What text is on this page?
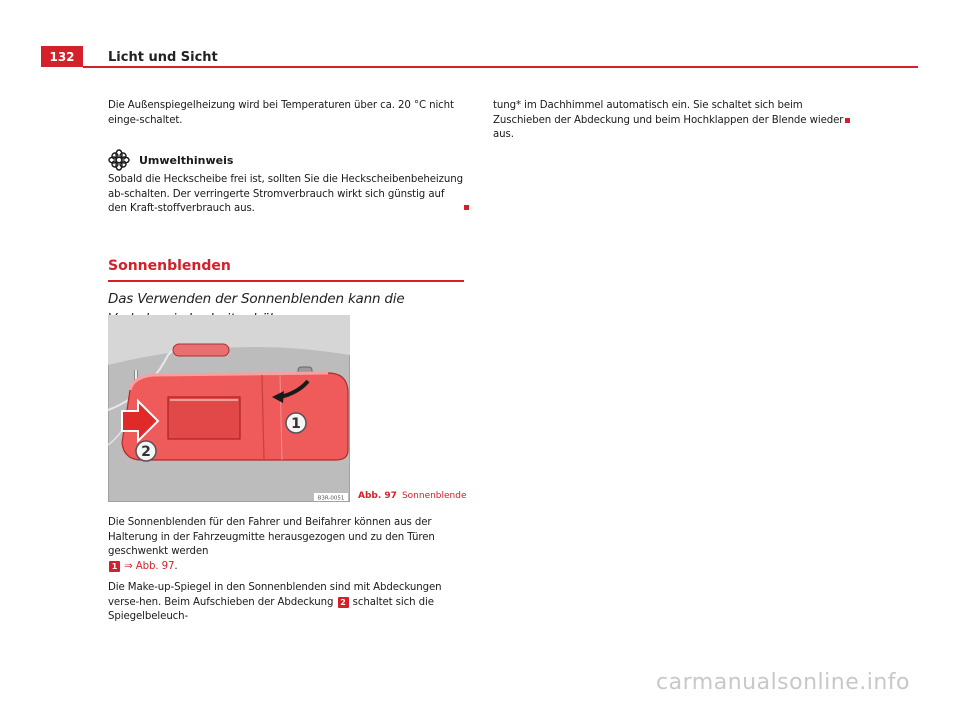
132	Licht und Sicht

Die Außenspiegelheizung wird bei Temperaturen über ca. 20 °C nicht einge-schaltet.

Umwelthinweis

Sobald die Heckscheibe frei ist, sollten Sie die Heckscheibenbeheizung ab-schalten. Der verringerte Stromverbrauch wirkt sich günstig auf den Kraft-stoffverbrauch aus.

Sonnenblenden
Das Verwenden der Sonnenblenden kann die
1
2
B3R-0051 Abb. 97 Sonnenblende

Die Sonnenblenden für den Fahrer und Beifahrer können aus der Halterung in der Fahrzeugmitte herausgezogen und zu den Türen geschwenkt werden
1 ⇒ Abb. 97.

Die Make-up-Spiegel in den Sonnenblenden sind mit Abdeckungen verse-hen. Beim Aufschieben der Abdeckung 2 schaltet sich die Spiegelbeleuch-

tung* im Dachhimmel automatisch ein. Sie schaltet sich beim Zuschieben der Abdeckung und beim Hochklappen der Blende wieder aus.

carmanualsonline.info
